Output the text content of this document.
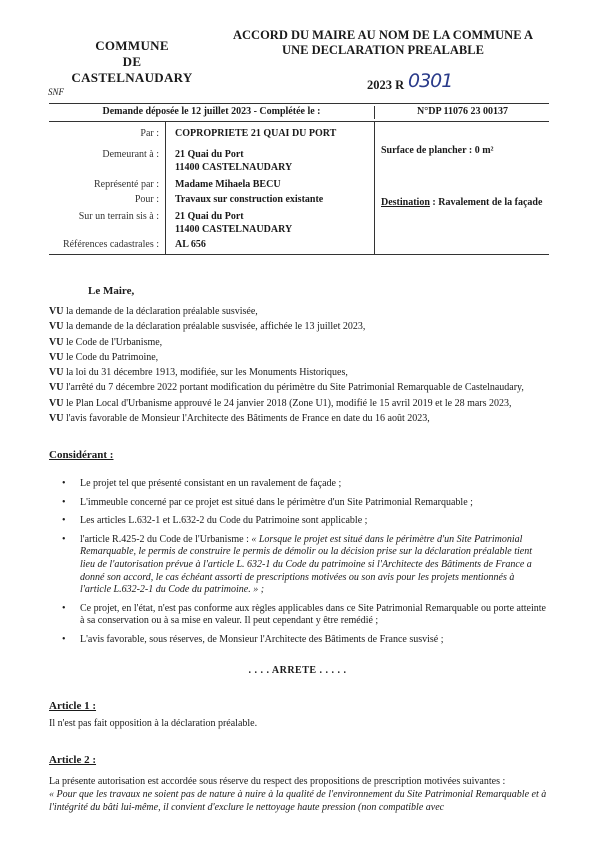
COMMUNE
DE
CASTELNAUDARY
ACCORD DU MAIRE AU NOM DE LA COMMUNE A
UNE DECLARATION PREALABLE
2023 R 0301
SNF
Demande déposée le 12 juillet 2023 - Complétée le :	N°DP 11076 23 00137
Par : COPROPRIETE 21 QUAI DU PORT
Demeurant à : 21 Quai du Port
11400 CASTELNAUDARY
Représenté par : Madame Mihaela BECU
Pour : Travaux sur construction existante
Sur un terrain sis à : 21 Quai du Port
11400 CASTELNAUDARY
Références cadastrales : AL 656
Surface de plancher : 0 m²
Destination : Ravalement de la façade
Le Maire,

VU la demande de la déclaration préalable susvisée,

VU la demande de la déclaration préalable susvisée, affichée le 13 juillet 2023,

VU le Code de l'Urbanisme,

VU le Code du Patrimoine,

VU la loi du 31 décembre 1913, modifiée, sur les Monuments Historiques,

VU l'arrêté du 7 décembre 2022 portant modification du périmètre du Site Patrimonial Remarquable de Castelnaudary,

VU le Plan Local d'Urbanisme approuvé le 24 janvier 2018 (Zone U1), modifié le 15 avril 2019 et le 28 mars 2023,

VU l'avis favorable de Monsieur l'Architecte des Bâtiments de France en date du 16 août 2023,

Considérant :
• Le projet tel que présenté consistant en un ravalement de façade ;
• L'immeuble concerné par ce projet est situé dans le périmètre d'un Site Patrimonial Remarquable ;
• Les articles L.632-1 et L.632-2 du Code du Patrimoine sont applicable ;
• l'article R.425-2 du Code de l'Urbanisme : « Lorsque le projet est situé dans le périmètre d'un Site Patrimonial Remarquable, le permis de construire le permis de démolir ou la décision prise sur la déclaration préalable tient lieu de l'autorisation prévue à l'article L. 632-1 du Code du patrimoine si l'Architecte des Bâtiments de France a donné son accord, le cas échéant assorti de prescriptions motivées ou son avis pour les projets mentionnés à l'article L.632-2-1 du Code du patrimoine. » ;
• Ce projet, en l'état, n'est pas conforme aux règles applicables dans ce Site Patrimonial Remarquable ou porte atteinte à sa conservation ou à sa mise en valeur. Il peut cependant y être remédié ;
• L'avis favorable, sous réserves, de Monsieur l'Architecte des Bâtiments de France susvisé ;
. . . . ARRETE . . . . .
Article 1 :
Il n'est pas fait opposition à la déclaration préalable.
Article 2 :
La présente autorisation est accordée sous réserve du respect des propositions de prescription motivées suivantes :
« Pour que les travaux ne soient pas de nature à nuire à la qualité de l'environnement du Site Patrimonial Remarquable et à l'intégrité du bâti lui-même, il convient d'exclure le nettoyage haute pression (non compatible avec
